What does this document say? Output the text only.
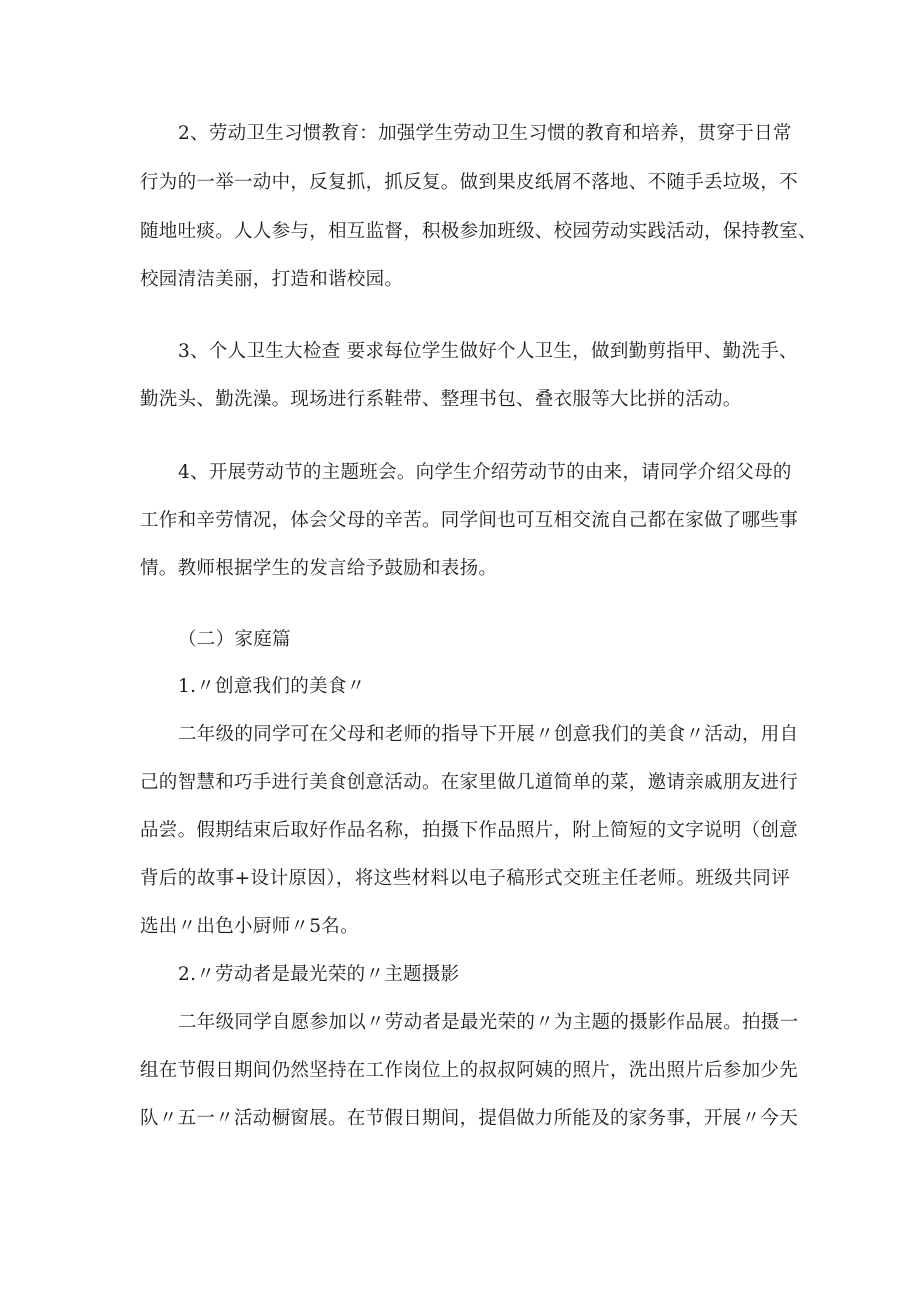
2、劳动卫生习惯教育：加强学生劳动卫生习惯的教育和培养，贯穿于日常
行为的一举一动中，反复抓，抓反复。做到果皮纸屑不落地、不随手丢垃圾，不
随地吐痰。人人参与，相互监督，积极参加班级、校园劳动实践活动，保持教室、
校园清洁美丽，打造和谐校园。
3、个人卫生大检查 要求每位学生做好个人卫生，做到勤剪指甲、勤洗手、
勤洗头、勤洗澡。现场进行系鞋带、整理书包、叠衣服等大比拼的活动。
4、开展劳动节的主题班会。向学生介绍劳动节的由来，请同学介绍父母的
工作和辛劳情况，体会父母的辛苦。同学间也可互相交流自己都在家做了哪些事
情。教师根据学生的发言给予鼓励和表扬。
（二）家庭篇
1.〃创意我们的美食〃
二年级的同学可在父母和老师的指导下开展〃创意我们的美食〃活动，用自
己的智慧和巧手进行美食创意活动。在家里做几道简单的菜，邀请亲戚朋友进行
品尝。假期结束后取好作品名称，拍摄下作品照片，附上简短的文字说明（创意
背后的故事+设计原因），将这些材料以电子稿形式交班主任老师。班级共同评
选出〃出色小厨师〃5名。
2.〃劳动者是最光荣的〃主题摄影
二年级同学自愿参加以〃劳动者是最光荣的〃为主题的摄影作品展。拍摄一
组在节假日期间仍然坚持在工作岗位上的叔叔阿姨的照片，洗出照片后参加少先
队〃五一〃活动橱窗展。在节假日期间，提倡做力所能及的家务事，开展〃今天
